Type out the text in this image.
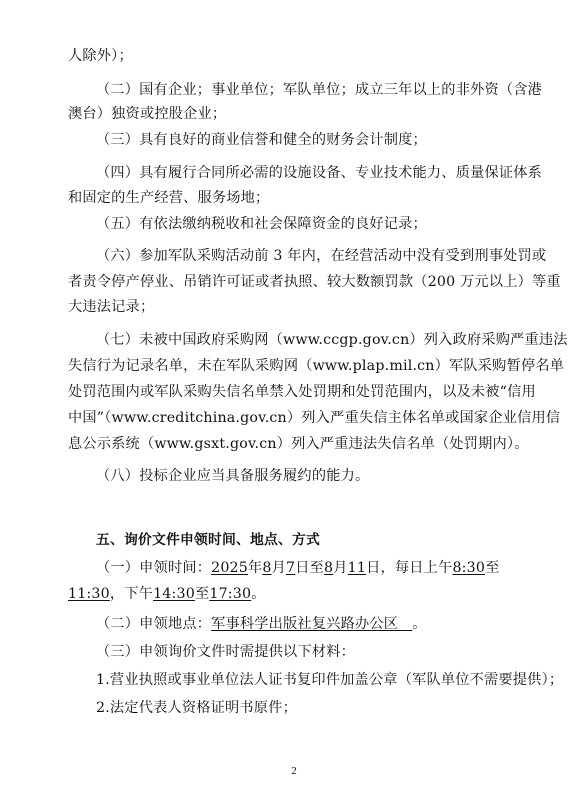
人除外）；
（二）国有企业；事业单位；军队单位；成立三年以上的非外资（含港
澳台）独资或控股企业；
（三）具有良好的商业信誉和健全的财务会计制度；
（四）具有履行合同所必需的设施设备、专业技术能力、质量保证体系
和固定的生产经营、服务场地；
（五）有依法缴纳税收和社会保障资金的良好记录；
（六）参加军队采购活动前 3 年内，在经营活动中没有受到刑事处罚或
者责令停产停业、吊销许可证或者执照、较大数额罚款（200 万元以上）等重
大违法记录；
（七）未被中国政府采购网（www.ccgp.gov.cn）列入政府采购严重违法
失信行为记录名单，未在军队采购网（www.plap.mil.cn）军队采购暂停名单
处罚范围内或军队采购失信名单禁入处罚期和处罚范围内，以及未被“信用
中国”（www.creditchina.gov.cn）列入严重失信主体名单或国家企业信用信
息公示系统（www.gsxt.gov.cn）列入严重违法失信名单（处罚期内）。
（八）投标企业应当具备服务履约的能力。
五、询价文件申领时间、地点、方式
（一）申领时间：2025年8月7日至8月11日，每日上午8:30至
11:30，下午14:30至17:30。
（二）申领地点：军事科学出版社复兴路办公区   。
（三）申领询价文件时需提供以下材料：
1.营业执照或事业单位法人证书复印件加盖公章（军队单位不需要提供）；
2.法定代表人资格证明书原件；
2
